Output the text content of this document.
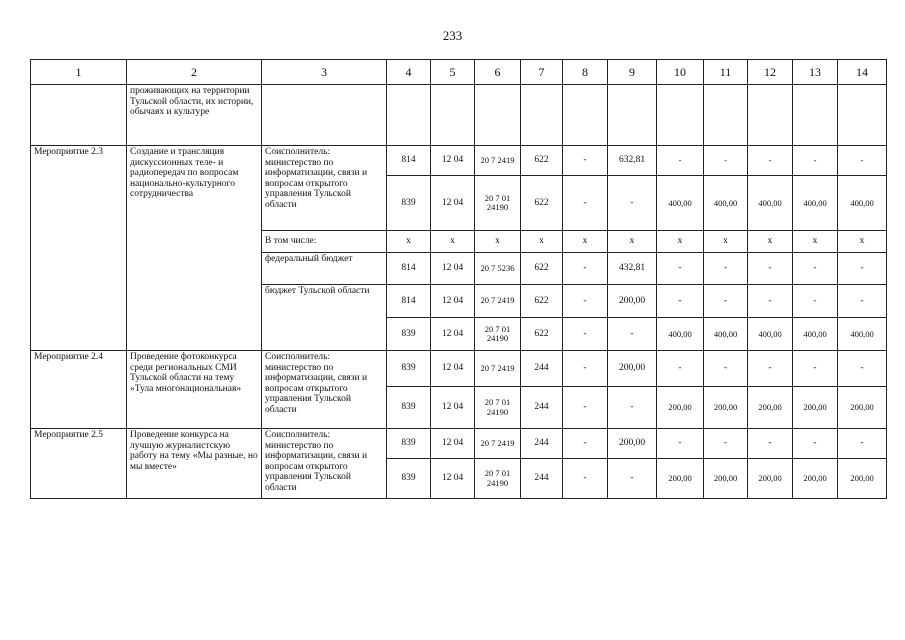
233
1	2	3	4	5	6	7	8	9	10	11	12	13	14
	проживающих на территории Тульской области, их истории, обычаях и культуре												
Мероприятие 2.3	Создание и трансляция дискуссионных теле- и радиопередач по вопросам национально-культурного сотрудничества	Соисполнитель: министерство по информатизации, связи и вопросам открытого управления Тульской области	814	12 04	20 7 2419	622	-	632,81	-	-	-	-	-
			839	12 04	20 7 01 24190	622	-	-	400,00	400,00	400,00	400,00	400,00
		В том числе:	х	х	х	х	х	х	х	х	х	х	х
		федеральный бюджет	814	12 04	20 7 5236	622	-	432,81	-	-	-	-	-
		бюджет Тульской области	814	12 04	20 7 2419	622	-	200,00	-	-	-	-	-
			839	12 04	20 7 01 24190	622	-	-	400,00	400,00	400,00	400,00	400,00
Мероприятие 2.4	Проведение фотоконкурса среди региональных СМИ Тульской области на тему «Тула многонациональная»	Соисполнитель: министерство по информатизации, связи и вопросам открытого управления Тульской области	839	12 04	20 7 2419	244	-	200,00	-	-	-	-	-
			839	12 04	20 7 01 24190	244	-	-	200,00	200,00	200,00	200,00	200,00
Мероприятие 2.5	Проведение конкурса на лучшую журналистскую работу на тему «Мы разные, но мы вместе»	Соисполнитель: министерство по информатизации, связи и вопросам открытого управления Тульской области	839	12 04	20 7 2419	244	-	200,00	-	-	-	-	-
			839	12 04	20 7 01 24190	244	-	-	200,00	200,00	200,00	200,00	200,00
